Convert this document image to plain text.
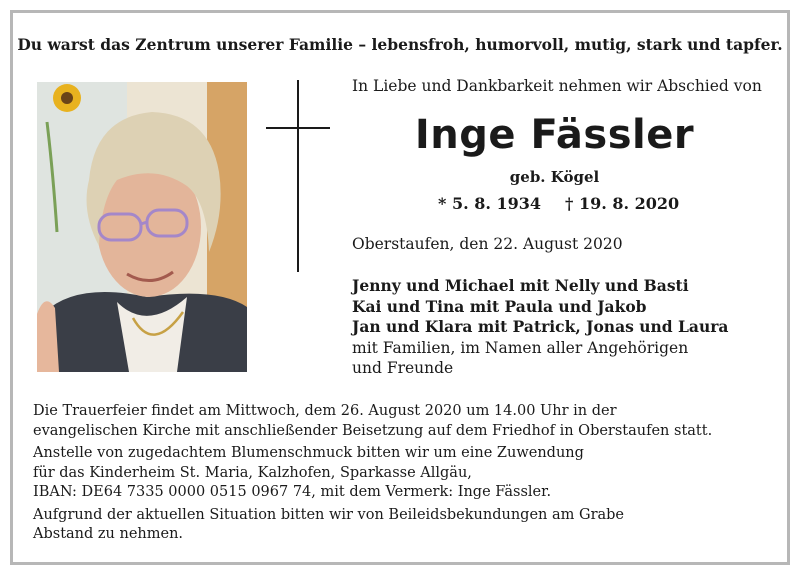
Du warst das Zentrum unserer Familie – lebensfroh, humorvoll, mutig, stark und tapfer.
In Liebe und Dankbarkeit nehmen wir Abschied von
Inge Fässler
geb. Kögel
* 5. 8. 1934 † 19. 8. 2020
Oberstaufen, den 22. August 2020
Jenny und Michael mit Nelly und Basti
Kai und Tina mit Paula und Jakob
Jan und Klara mit Patrick, Jonas und Laura
mit Familien, im Namen aller Angehörigen
und Freunde

Die Trauerfeier findet am Mittwoch, dem 26. August 2020 um 14.00 Uhr in der
evangelischen Kirche mit anschließender Beisetzung auf dem Friedhof in Oberstaufen statt.

Anstelle von zugedachtem Blumenschmuck bitten wir um eine Zuwendung
für das Kinderheim St. Maria, Kalzhofen, Sparkasse Allgäu,
IBAN: DE64 7335 0000 0515 0967 74, mit dem Vermerk: Inge Fässler.

Aufgrund der aktuellen Situation bitten wir von Beileidsbekundungen am Grabe
Abstand zu nehmen.
